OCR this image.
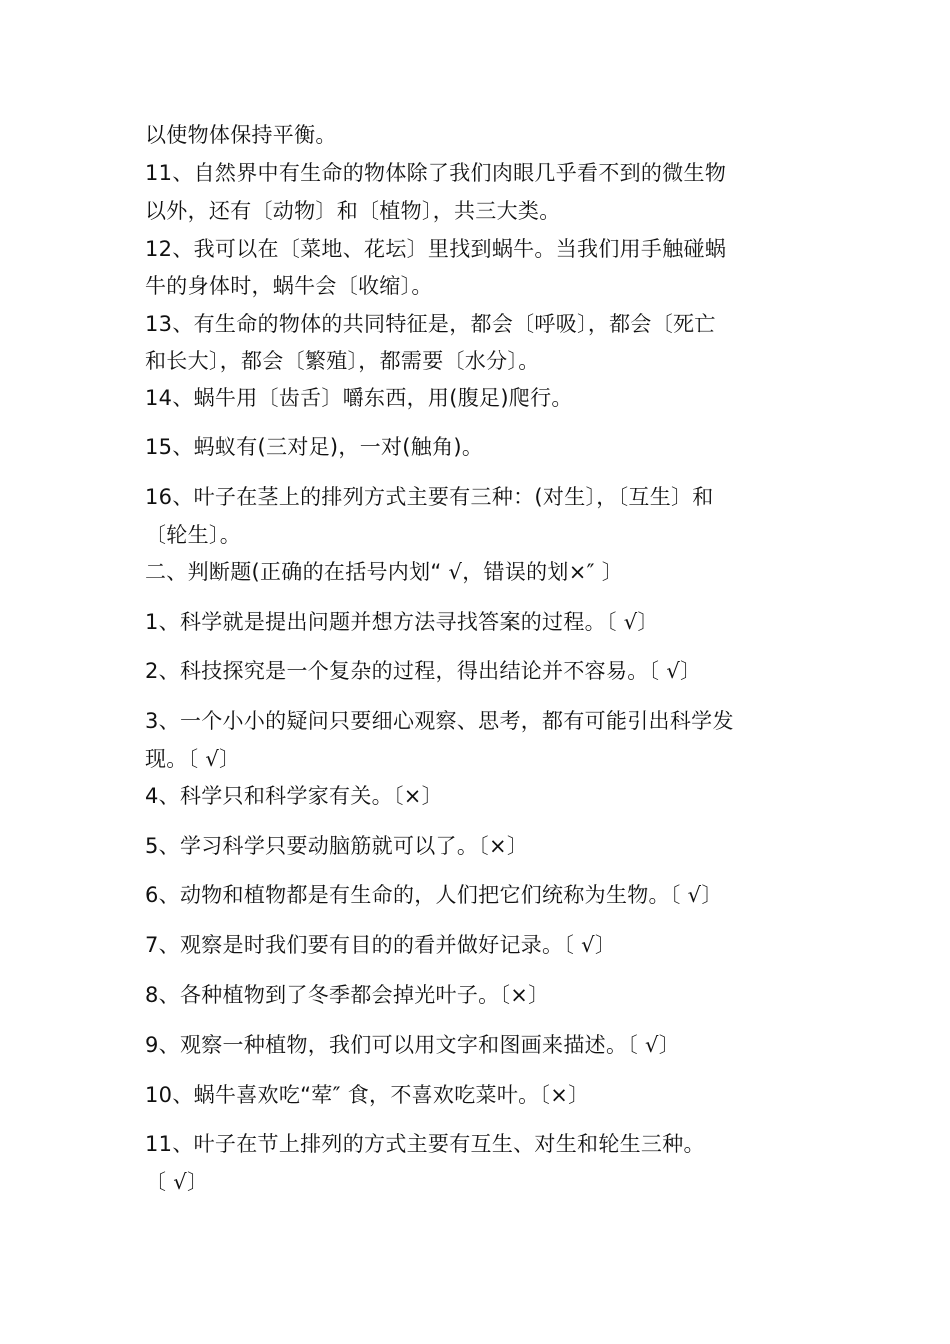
以使物体保持平衡。
11、自然界中有生命的物体除了我们肉眼几乎看不到的微生物
以外，还有〔动物〕和〔植物〕，共三大类。
12、我可以在〔菜地、花坛〕里找到蜗牛。当我们用手触碰蜗
牛的身体时，蜗牛会〔收缩〕。
13、有生命的物体的共同特征是，都会〔呼吸〕，都会〔死亡
和长大〕，都会〔繁殖〕，都需要〔水分〕。
14、蜗牛用〔齿舌〕嚼东西，用(腹足)爬行。
15、蚂蚁有(三对足)，一对(触角)。
16、叶子在茎上的排列方式主要有三种：(对生〕，〔互生〕和
〔轮生〕。
二、判断题(正确的在括号内划“ √，错误的划×″ 〕
1、科学就是提出问题并想方法寻找答案的过程。〔 √〕
2、科技探究是一个复杂的过程，得出结论并不容易。〔 √〕
3、一个小小的疑问只要细心观察、思考，都有可能引出科学发
现。〔 √〕
4、科学只和科学家有关。〔×〕
5、学习科学只要动脑筋就可以了。〔×〕
6、动物和植物都是有生命的，人们把它们统称为生物。〔 √〕
7、观察是时我们要有目的的看并做好记录。〔 √〕
8、各种植物到了冬季都会掉光叶子。〔×〕
9、观察一种植物，我们可以用文字和图画来描述。〔 √〕
10、蜗牛喜欢吃“荤″ 食，不喜欢吃菜叶。〔×〕
11、叶子在节上排列的方式主要有互生、对生和轮生三种。
〔 √〕
